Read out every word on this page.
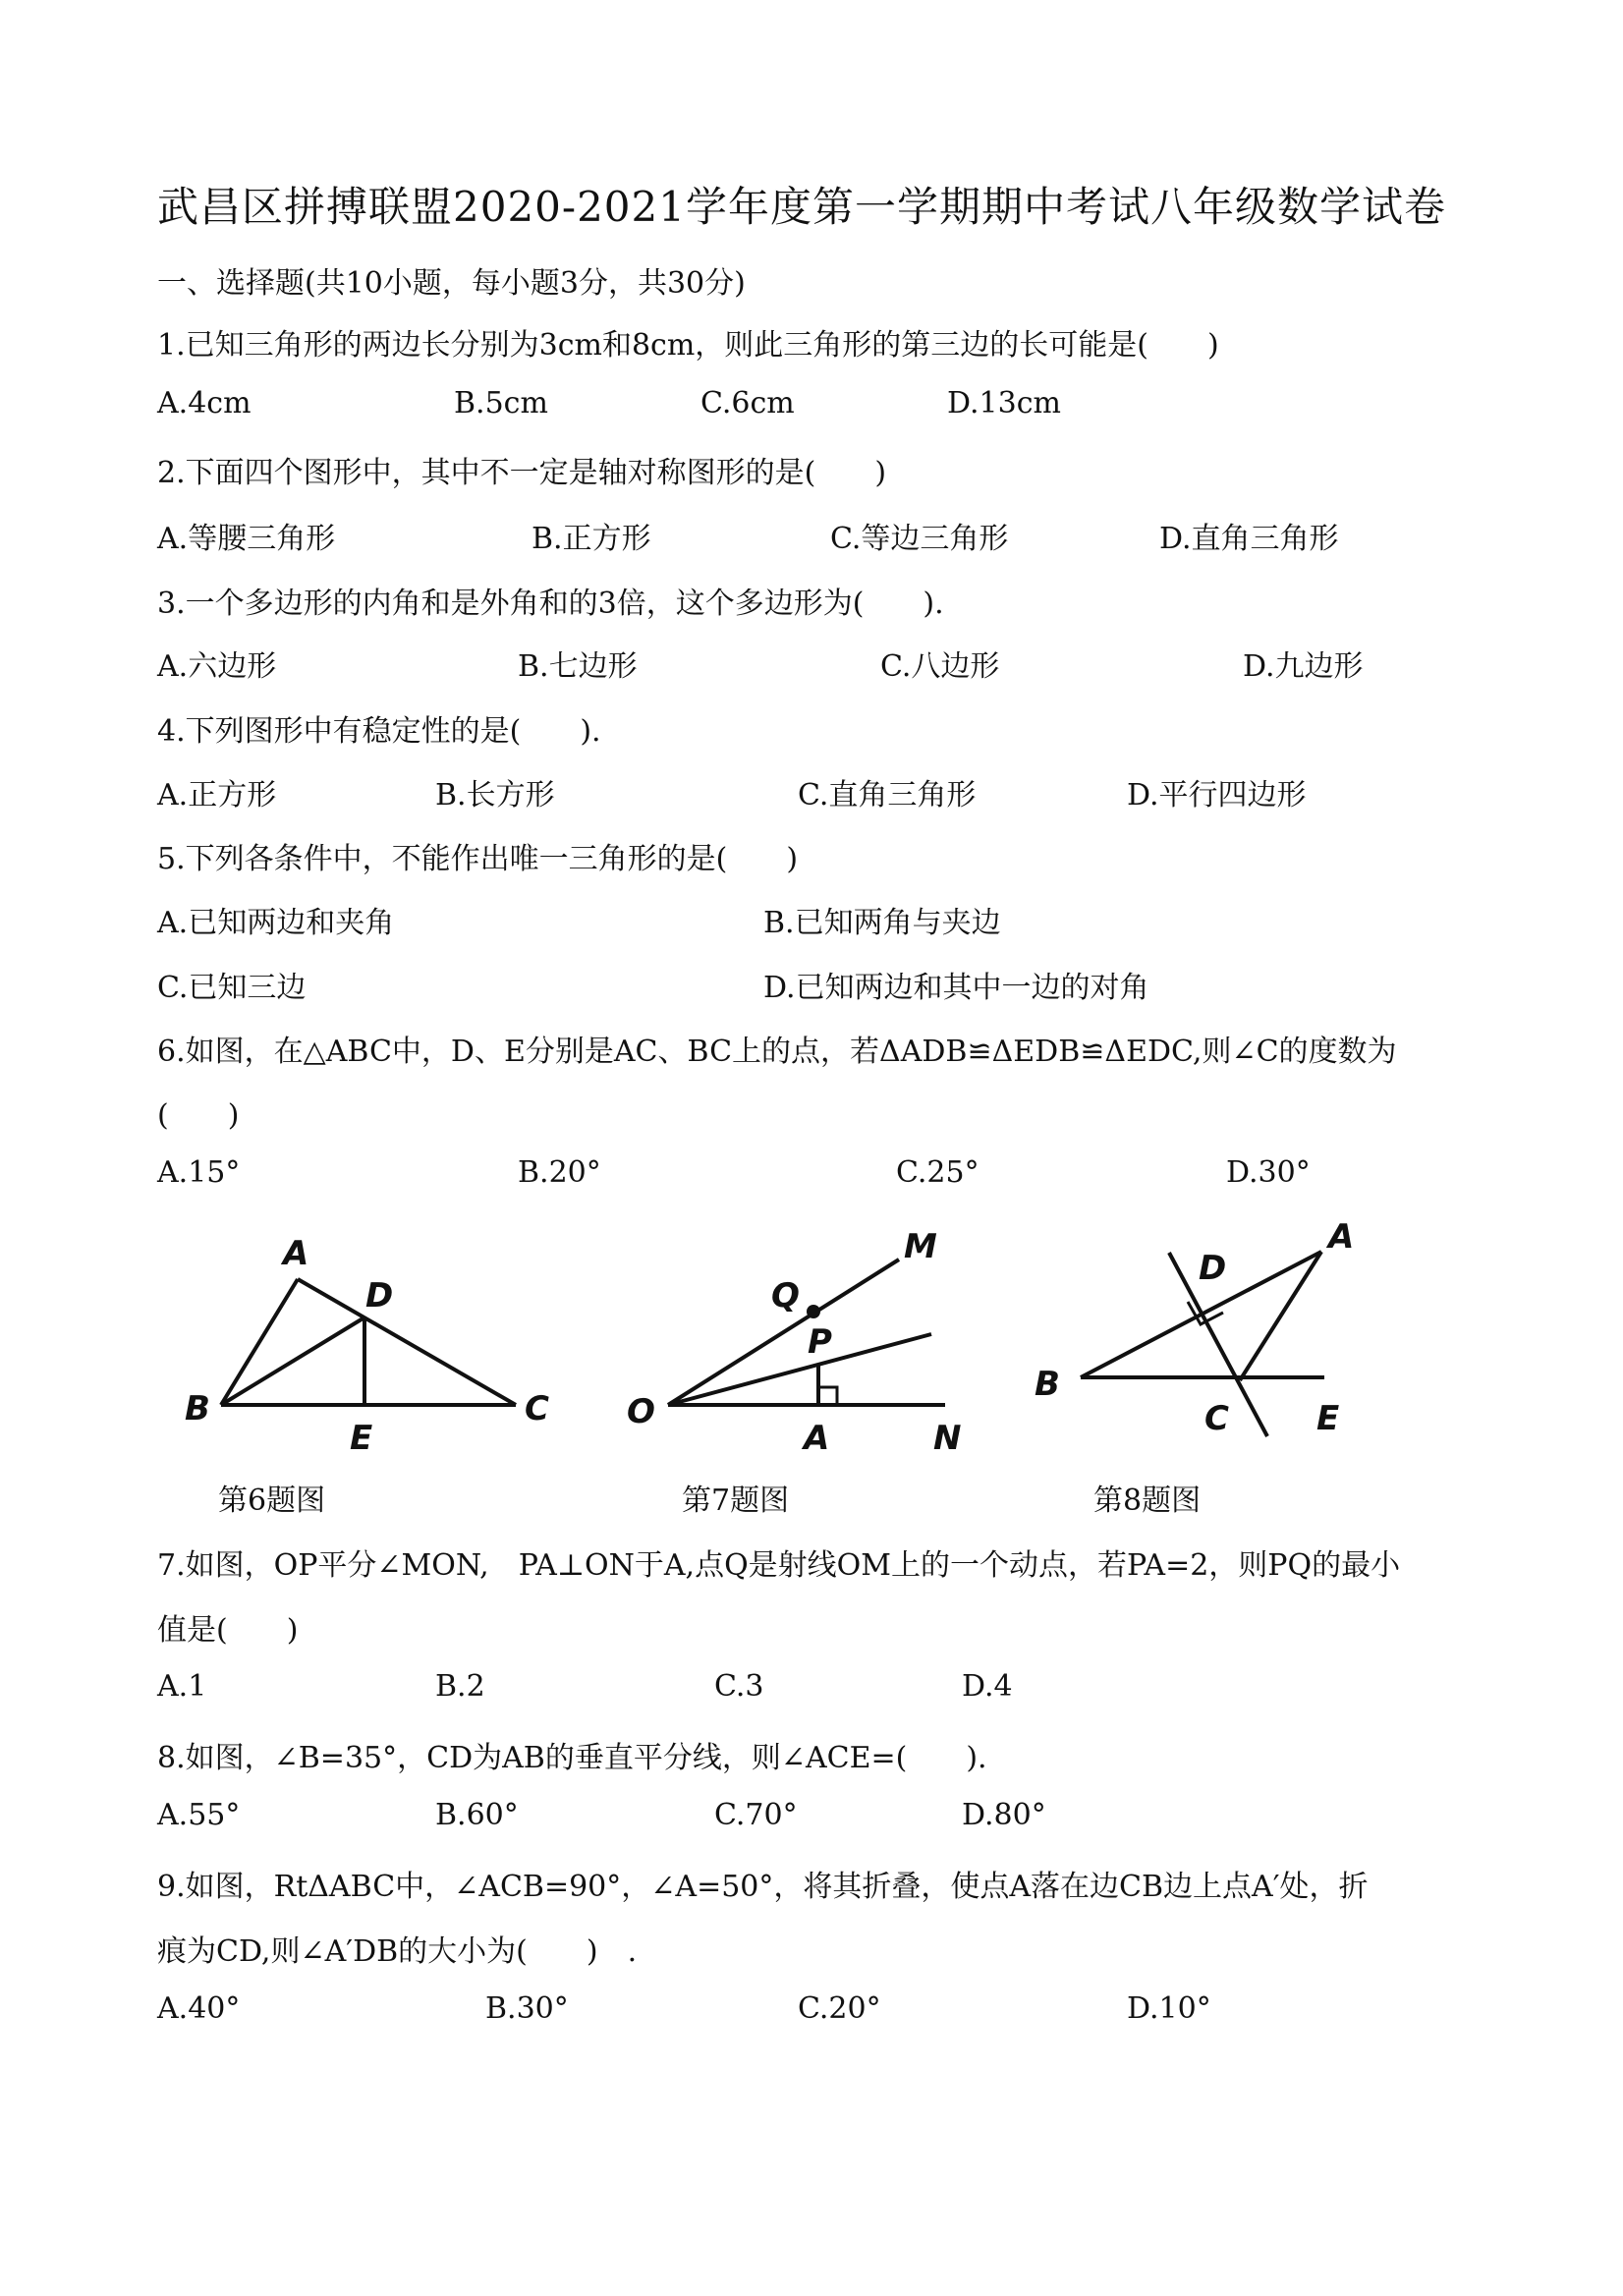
武昌区拼搏联盟2020-2021学年度第一学期期中考试八年级数学试卷
一、选择题(共10小题，每小题3分，共30分)
1.已知三角形的两边长分别为3cm和8cm，则此三角形的第三边的长可能是(　　)
A.4cm	B.5cm	C.6cm	D.13cm
2.下面四个图形中，其中不一定是轴对称图形的是(　　)
A.等腰三角形	B.正方形	C.等边三角形	D.直角三角形
3.一个多边形的内角和是外角和的3倍，这个多边形为(　　).
A.六边形	B.七边形	C.八边形	D.九边形
4.下列图形中有稳定性的是(　　).
A.正方形	B.长方形	C.直角三角形	D.平行四边形
5.下列各条件中，不能作出唯一三角形的是(　　)
A.已知两边和夹角	B.已知两角与夹边
C.已知三边	D.已知两边和其中一边的对角
6.如图，在△ABC中，D、E分别是AC、BC上的点，若ΔADB≌ΔEDB≌ΔEDC,则∠C的度数为
(　　)
A.15°	B.20°	C.25°	D.30°
A
D
B
E
C
Q
M
P
O
A	N
A
D
B
C	E
第6题图	第7题图	第8题图
7.如图，OP平分∠MON,　PA⊥ON于A,点Q是射线OM上的一个动点，若PA=2，则PQ的最小
值是(　　)
A.1	B.2	C.3	D.4
8.如图，∠B=35°，CD为AB的垂直平分线，则∠ACE=(　　).
A.55°	B.60°	C.70°	D.80°
9.如图，RtΔABC中，∠ACB=90°，∠A=50°，将其折叠，使点A落在边CB边上点A′处，折
痕为CD,则∠A′DB的大小为(　　)　.
A.40°	B.30°	C.20°	D.10°
